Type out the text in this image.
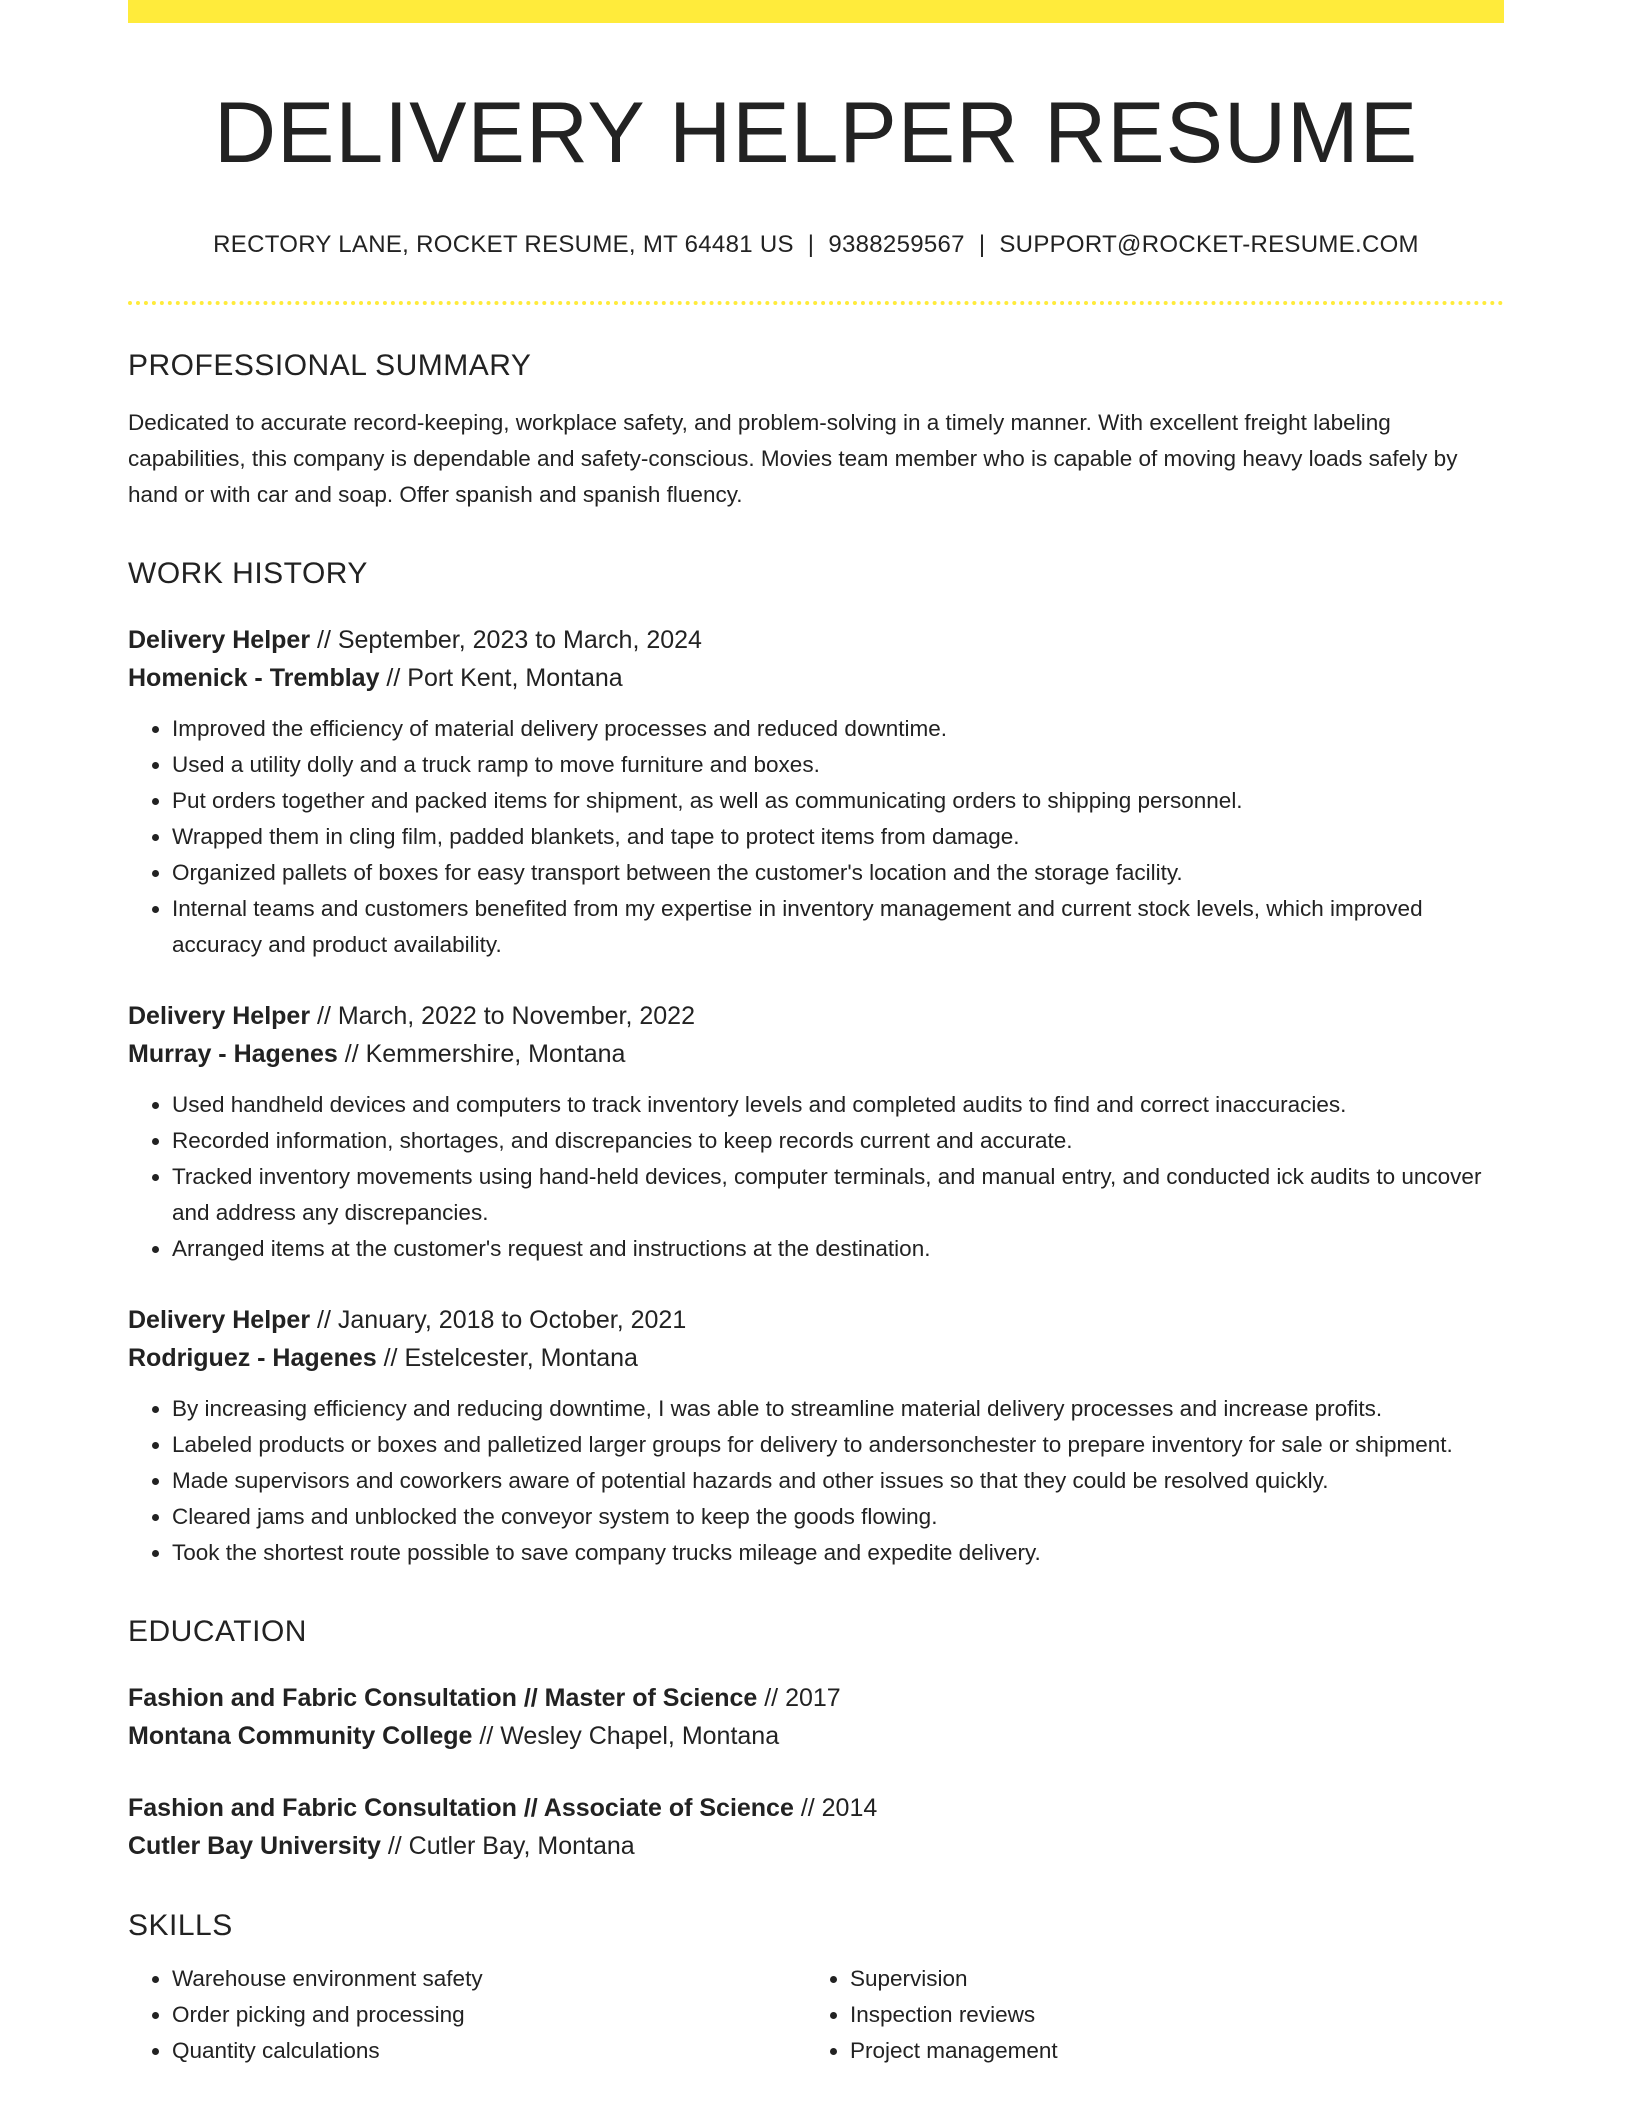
DELIVERY HELPER RESUME
RECTORY LANE, ROCKET RESUME, MT 64481 US | 9388259567 | SUPPORT@ROCKET-RESUME.COM
PROFESSIONAL SUMMARY
Dedicated to accurate record-keeping, workplace safety, and problem-solving in a timely manner. With excellent freight labeling capabilities, this company is dependable and safety-conscious. Movies team member who is capable of moving heavy loads safely by hand or with car and soap. Offer spanish and spanish fluency.
WORK HISTORY
Delivery Helper // September, 2023 to March, 2024
Homenick - Tremblay // Port Kent, Montana
• Improved the efficiency of material delivery processes and reduced downtime.
• Used a utility dolly and a truck ramp to move furniture and boxes.
• Put orders together and packed items for shipment, as well as communicating orders to shipping personnel.
• Wrapped them in cling film, padded blankets, and tape to protect items from damage.
• Organized pallets of boxes for easy transport between the customer's location and the storage facility.
• Internal teams and customers benefited from my expertise in inventory management and current stock levels, which improved accuracy and product availability.
Delivery Helper // March, 2022 to November, 2022
Murray - Hagenes // Kemmershire, Montana
• Used handheld devices and computers to track inventory levels and completed audits to find and correct inaccuracies.
• Recorded information, shortages, and discrepancies to keep records current and accurate.
• Tracked inventory movements using hand-held devices, computer terminals, and manual entry, and conducted ick audits to uncover and address any discrepancies.
• Arranged items at the customer's request and instructions at the destination.
Delivery Helper // January, 2018 to October, 2021
Rodriguez - Hagenes // Estelcester, Montana
• By increasing efficiency and reducing downtime, I was able to streamline material delivery processes and increase profits.
• Labeled products or boxes and palletized larger groups for delivery to andersonchester to prepare inventory for sale or shipment.
• Made supervisors and coworkers aware of potential hazards and other issues so that they could be resolved quickly.
• Cleared jams and unblocked the conveyor system to keep the goods flowing.
• Took the shortest route possible to save company trucks mileage and expedite delivery.
EDUCATION
Fashion and Fabric Consultation // Master of Science // 2017
Montana Community College // Wesley Chapel, Montana
Fashion and Fabric Consultation // Associate of Science // 2014
Cutler Bay University // Cutler Bay, Montana
SKILLS
• Warehouse environment safety
• Order picking and processing
• Quantity calculations
• Supervision
• Inspection reviews
• Project management
